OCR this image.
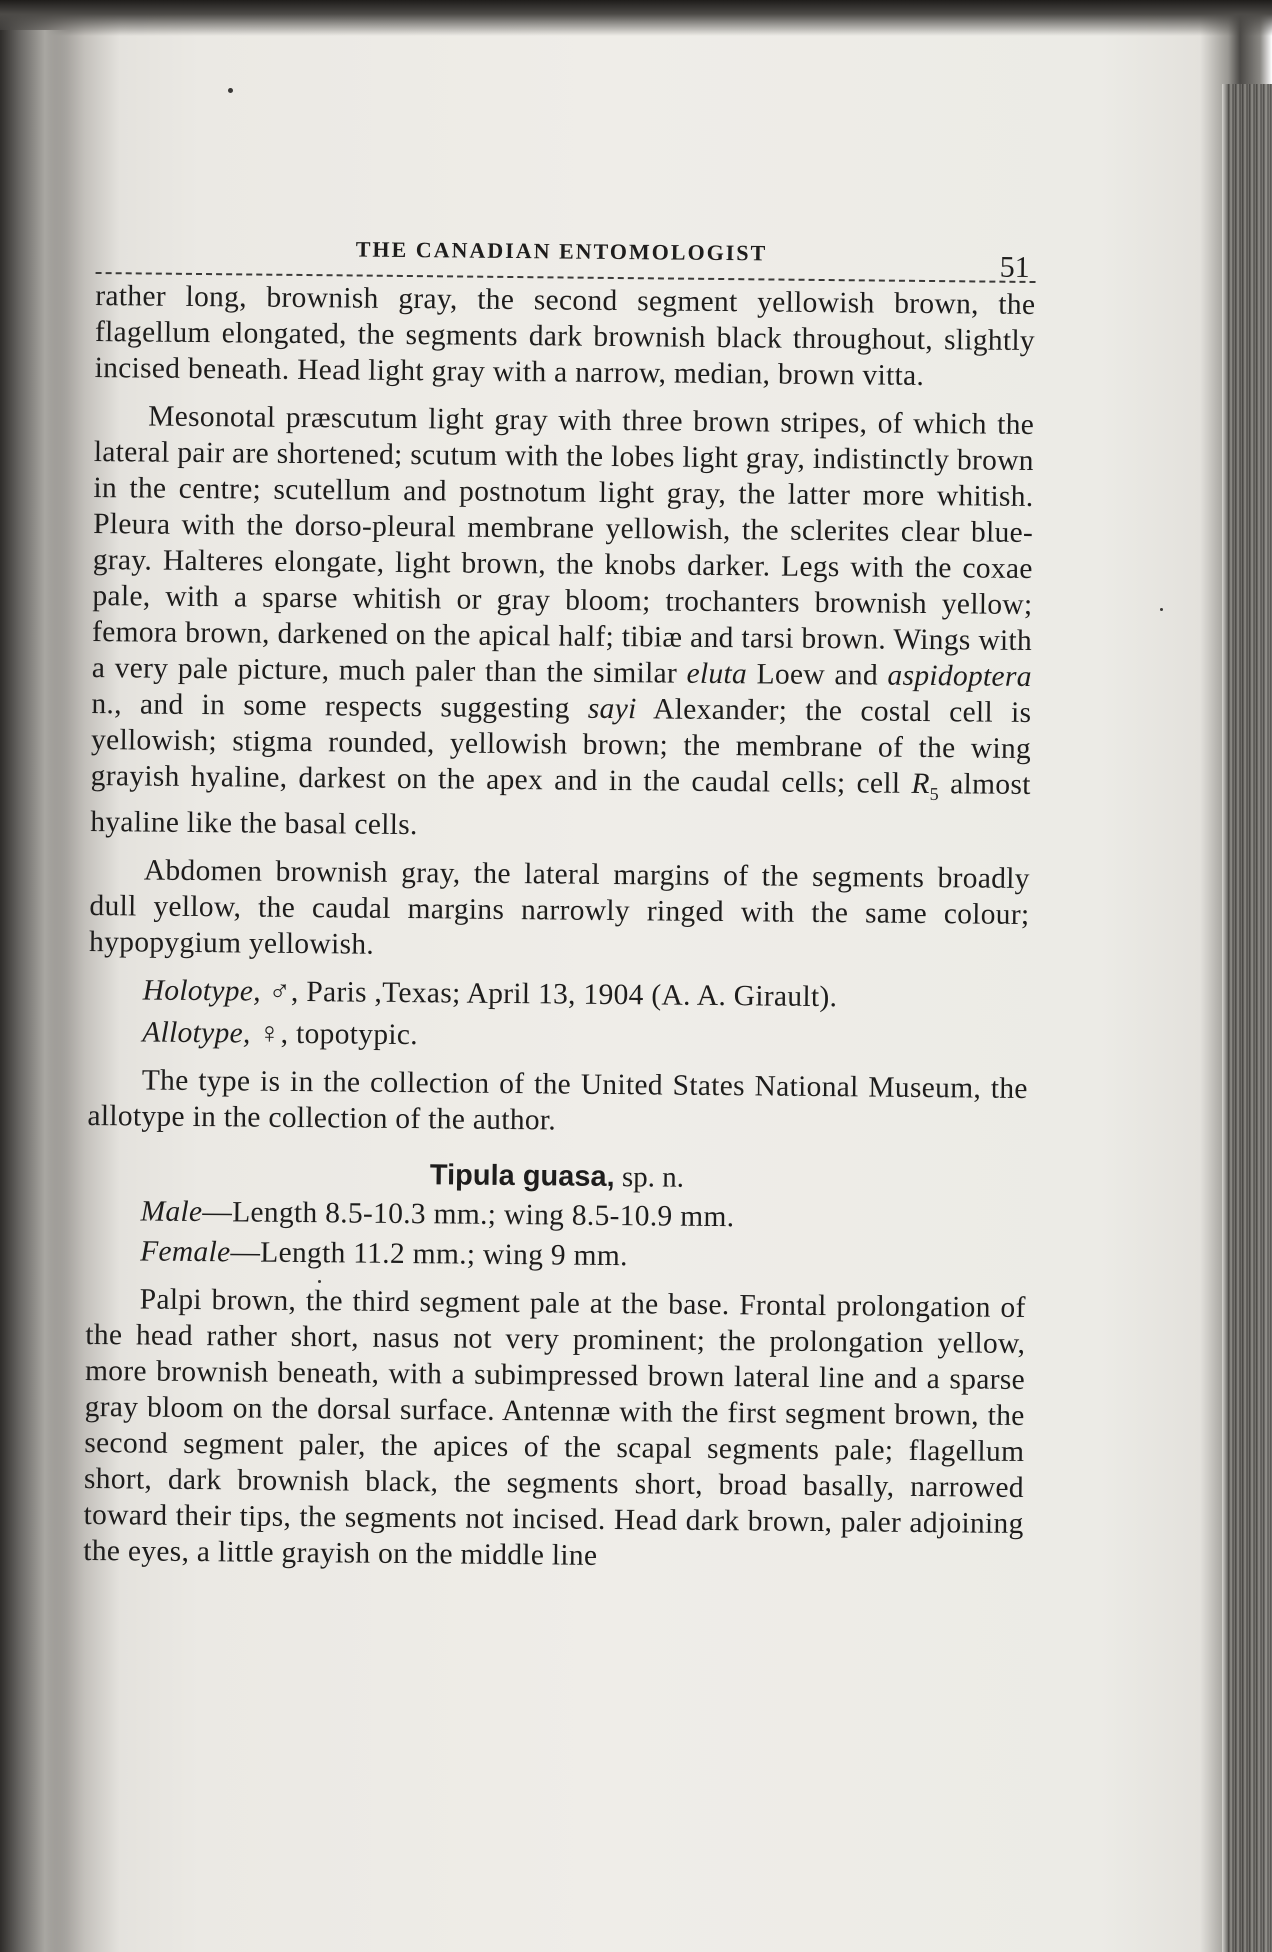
THE CANADIAN ENTOMOLOGIST	51

rather long, brownish gray, the second segment yellowish brown, the flagellum elongated, the segments dark brownish black throughout, slightly incised beneath. Head light gray with a narrow, median, brown vitta.

Mesonotal præscutum light gray with three brown stripes, of which the lateral pair are shortened; scutum with the lobes light gray, indistinctly brown in the centre; scutellum and postnotum light gray, the latter more whitish. Pleura with the dorso-pleural membrane yellowish, the sclerites clear blue-gray. Halteres elongate, light brown, the knobs darker. Legs with the coxae pale, with a sparse whitish or gray bloom; trochanters brownish yellow; femora brown, darkened on the apical half; tibiæ and tarsi brown. Wings with a very pale picture, much paler than the similar eluta Loew and aspidoptera n., and in some respects suggesting sayi Alexander; the costal cell is yellowish; stigma rounded, yellowish brown; the membrane of the wing grayish hyaline, darkest on the apex and in the caudal cells; cell $R_5$ almost hyaline like the basal cells.

Abdomen brownish gray, the lateral margins of the segments broadly dull yellow, the caudal margins narrowly ringed with the same colour; hypopygium yellowish.

Holotype, ♂, Paris ,Texas; April 13, 1904 (A. A. Girault).

Allotype, ♀, topotypic.

The type is in the collection of the United States National Museum, the allotype in the collection of the author.

Tipula guasa, sp. n.

Male—Length 8.5-10.3 mm.; wing 8.5-10.9 mm.

Female—Length 11.2 mm.; wing 9 mm.

Palpi brown, the third segment pale at the base. Frontal prolongation of the head rather short, nasus not very prominent; the prolongation yellow, more brownish beneath, with a subimpressed brown lateral line and a sparse gray bloom on the dorsal surface. Antennæ with the first segment brown, the second segment paler, the apices of the scapal segments pale; flagellum short, dark brownish black, the segments short, broad basally, narrowed toward their tips, the segments not incised. Head dark brown, paler adjoining the eyes, a little grayish on the middle line
